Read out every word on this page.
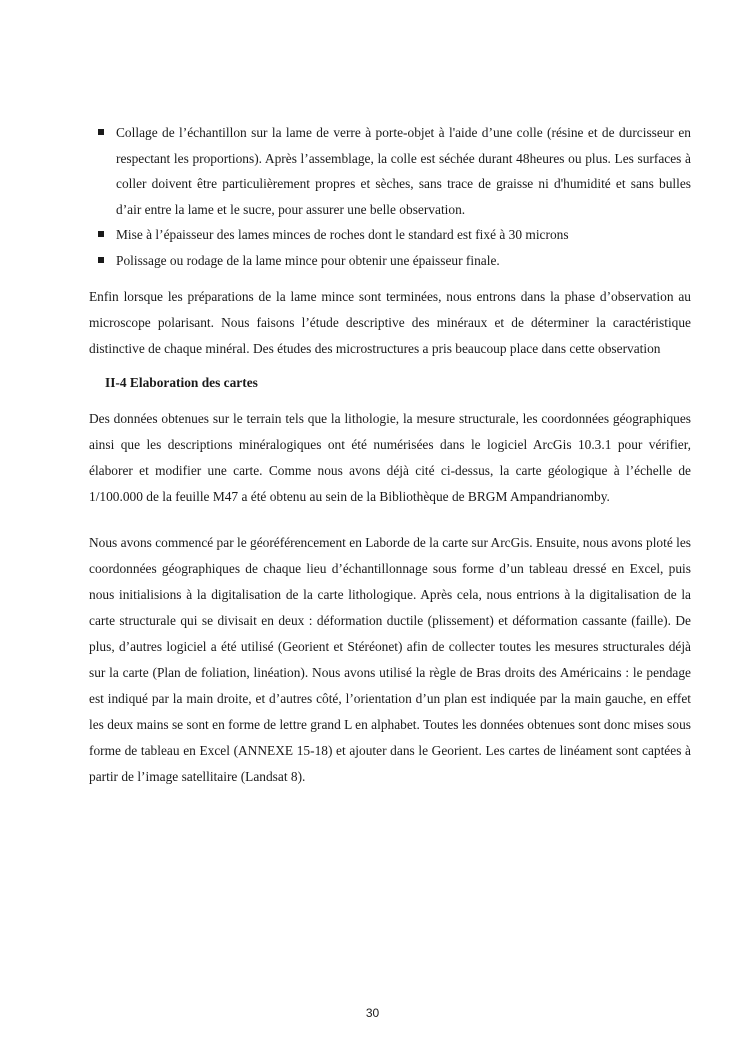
Collage de l’échantillon sur la lame de verre à porte-objet à l'aide d’une colle (résine et de durcisseur en respectant les proportions). Après l’assemblage, la colle est séchée durant 48heures ou plus. Les surfaces à coller doivent être particulièrement propres et sèches, sans trace de graisse ni d'humidité et sans bulles d’air entre la lame et le sucre, pour assurer une belle observation.
Mise à l’épaisseur des lames minces de roches dont le standard est fixé à 30 microns
Polissage ou rodage de la lame mince pour obtenir une épaisseur finale.

Enfin lorsque les préparations de la lame mince sont terminées, nous entrons dans la phase d’observation au microscope polarisant. Nous faisons l’étude descriptive des minéraux et de déterminer la caractéristique distinctive de chaque minéral. Des études des microstructures a pris beaucoup place dans cette observation

II-4 Elaboration des cartes

Des données obtenues sur le terrain tels que la lithologie, la mesure structurale, les coordonnées géographiques ainsi que les descriptions minéralogiques ont été numérisées dans le logiciel ArcGis 10.3.1 pour vérifier, élaborer et modifier une carte. Comme nous avons déjà cité ci-dessus, la carte géologique à l’échelle de 1/100.000 de la feuille M47 a été obtenu au sein de la Bibliothèque de BRGM Ampandrianomby.

Nous avons commencé par le géoréférencement en Laborde de la carte sur ArcGis. Ensuite, nous avons ploté les coordonnées géographiques de chaque lieu d’échantillonnage sous forme d’un tableau dressé en Excel, puis nous initialisions à la digitalisation de la carte lithologique. Après cela, nous entrions à la digitalisation de la carte structurale qui se divisait en deux : déformation ductile (plissement) et déformation cassante (faille). De plus, d’autres logiciel a été utilisé (Georient et Stéréonet) afin de collecter toutes les mesures structurales déjà sur la carte (Plan de foliation, linéation). Nous avons utilisé la règle de Bras droits des Américains : le pendage est indiqué par la main droite, et d’autres côté, l’orientation d’un plan est indiquée par la main gauche, en effet les deux mains se sont en forme de lettre grand L en alphabet. Toutes les données obtenues sont donc mises sous forme de tableau en Excel (ANNEXE 15-18) et ajouter dans le Georient. Les cartes de linéament sont captées à partir de l’image satellitaire (Landsat 8).

30
